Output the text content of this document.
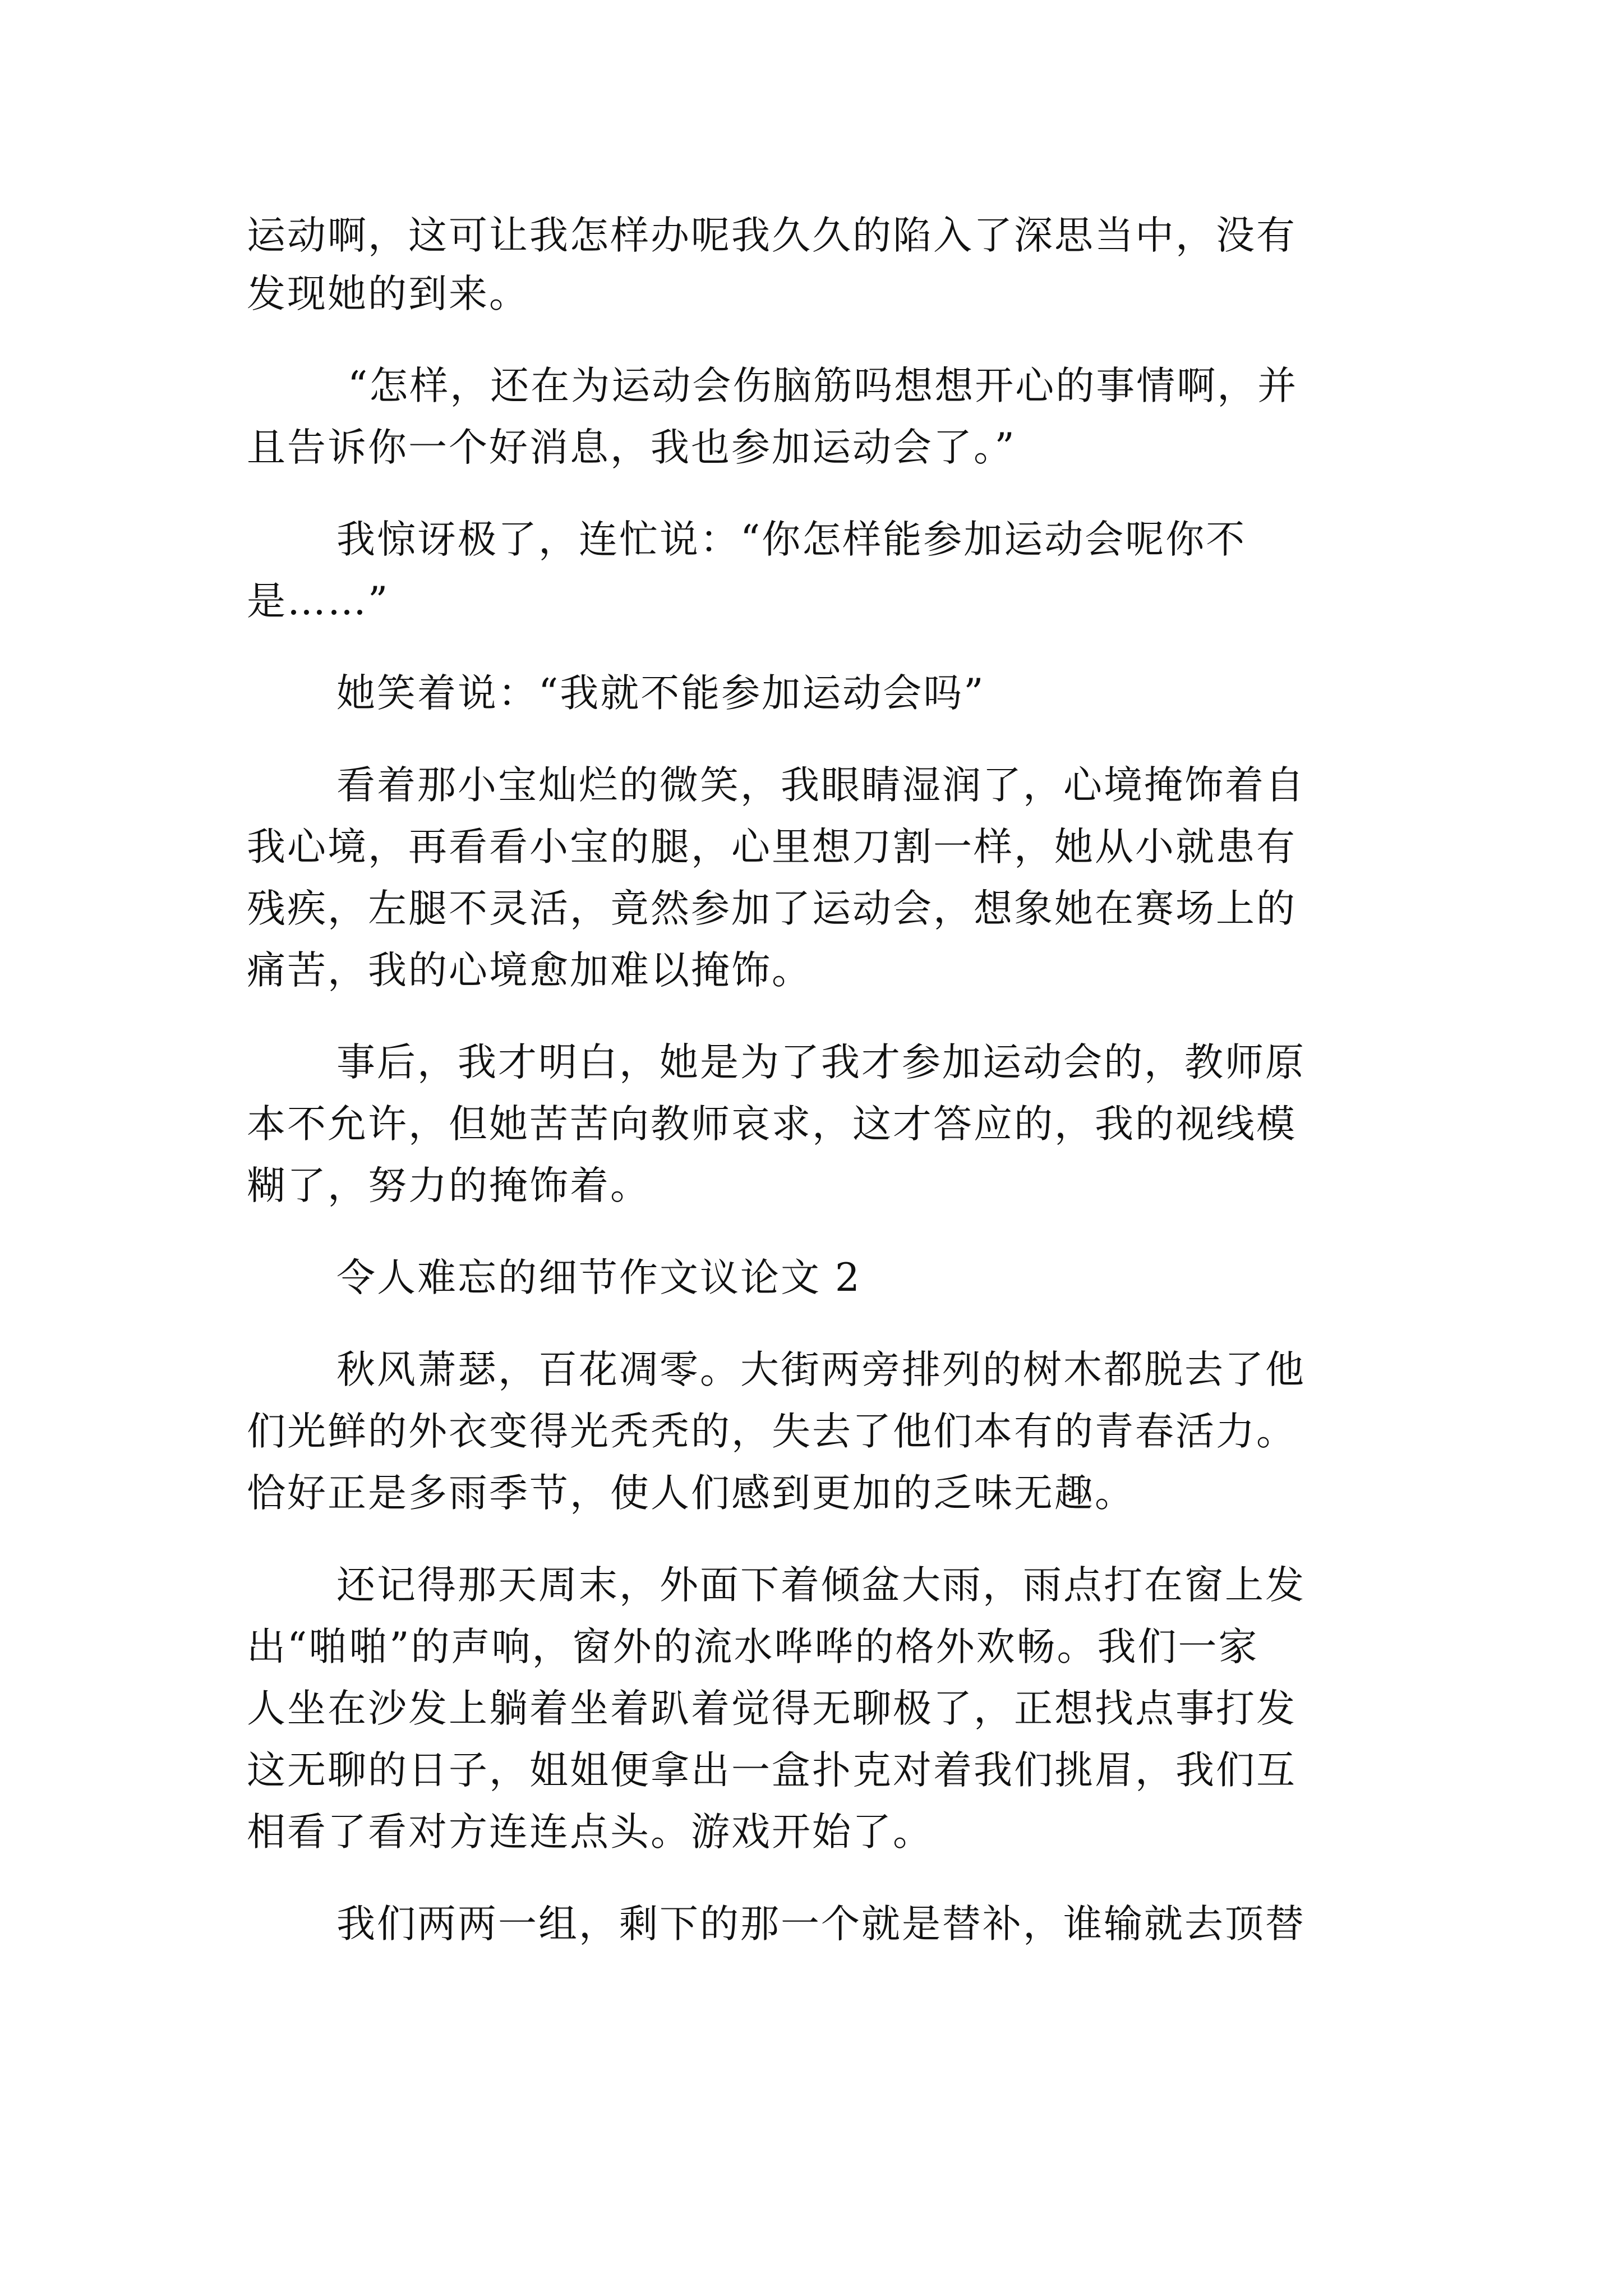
运动啊，这可让我怎样办呢我久久的陷入了深思当中，没有
发现她的到来。
“怎样，还在为运动会伤脑筋吗想想开心的事情啊，并
且告诉你一个好消息，我也参加运动会了。”
我惊讶极了，连忙说：“你怎样能参加运动会呢你不
是……”
她笑着说：“我就不能参加运动会吗”
看着那小宝灿烂的微笑，我眼睛湿润了，心境掩饰着自
我心境，再看看小宝的腿，心里想刀割一样，她从小就患有
残疾，左腿不灵活，竟然参加了运动会，想象她在赛场上的
痛苦，我的心境愈加难以掩饰。
事后，我才明白，她是为了我才参加运动会的，教师原
本不允许，但她苦苦向教师哀求，这才答应的，我的视线模
糊了，努力的掩饰着。
令人难忘的细节作文议论文 2
秋风萧瑟，百花凋零。大街两旁排列的树木都脱去了他
们光鲜的外衣变得光秃秃的，失去了他们本有的青春活力。
恰好正是多雨季节，使人们感到更加的乏味无趣。
还记得那天周末，外面下着倾盆大雨，雨点打在窗上发
出“啪啪”的声响，窗外的流水哗哗的格外欢畅。我们一家
人坐在沙发上躺着坐着趴着觉得无聊极了，正想找点事打发
这无聊的日子，姐姐便拿出一盒扑克对着我们挑眉，我们互
相看了看对方连连点头。游戏开始了。
我们两两一组，剩下的那一个就是替补，谁输就去顶替
